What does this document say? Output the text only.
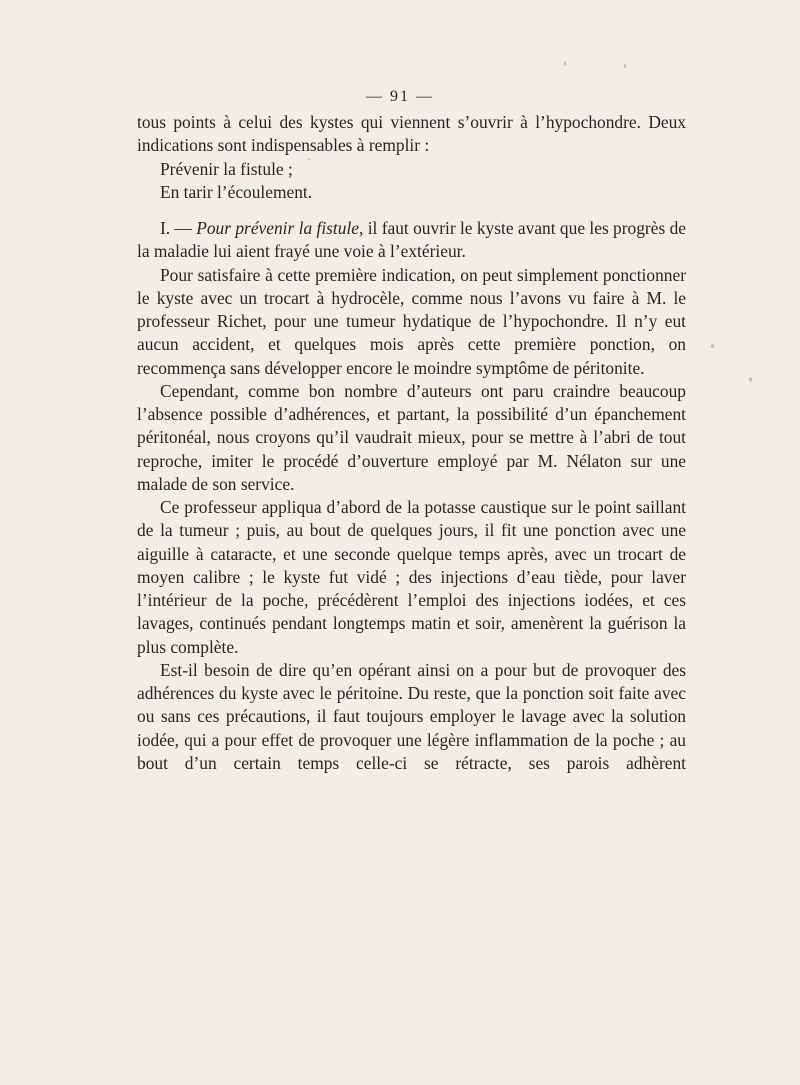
— 91 —

tous points à celui des kystes qui viennent s’ouvrir à l’hypochondre. Deux indications sont indispensables à remplir :

Prévenir la fistule ;

En tarir l’écoulement.

I. — Pour prévenir la fistule, il faut ouvrir le kyste avant que les progrès de la maladie lui aient frayé une voie à l’extérieur.

Pour satisfaire à cette première indication, on peut simplement ponctionner le kyste avec un trocart à hydrocèle, comme nous l’avons vu faire à M. le professeur Richet, pour une tumeur hydatique de l’hypochondre. Il n’y eut aucun accident, et quelques mois après cette première ponction, on recommença sans développer encore le moindre symptôme de péritonite.

Cependant, comme bon nombre d’auteurs ont paru craindre beaucoup l’absence possible d’adhérences, et partant, la possibilité d’un épanchement péritonéal, nous croyons qu’il vaudrait mieux, pour se mettre à l’abri de tout reproche, imiter le procédé d’ouverture employé par M. Nélaton sur une malade de son service.

Ce professeur appliqua d’abord de la potasse caustique sur le point saillant de la tumeur ; puis, au bout de quelques jours, il fit une ponction avec une aiguille à cataracte, et une seconde quelque temps après, avec un trocart de moyen calibre ; le kyste fut vidé ; des injections d’eau tiède, pour laver l’intérieur de la poche, précédèrent l’emploi des injections iodées, et ces lavages, continués pendant longtemps matin et soir, amenèrent la guérison la plus complète.

Est-il besoin de dire qu’en opérant ainsi on a pour but de provoquer des adhérences du kyste avec le péritoine. Du reste, que la ponction soit faite avec ou sans ces précautions, il faut toujours employer le lavage avec la solution iodée, qui a pour effet de provoquer une légère inflammation de la poche ; au bout d’un certain temps celle-ci se rétracte, ses parois adhèrent
